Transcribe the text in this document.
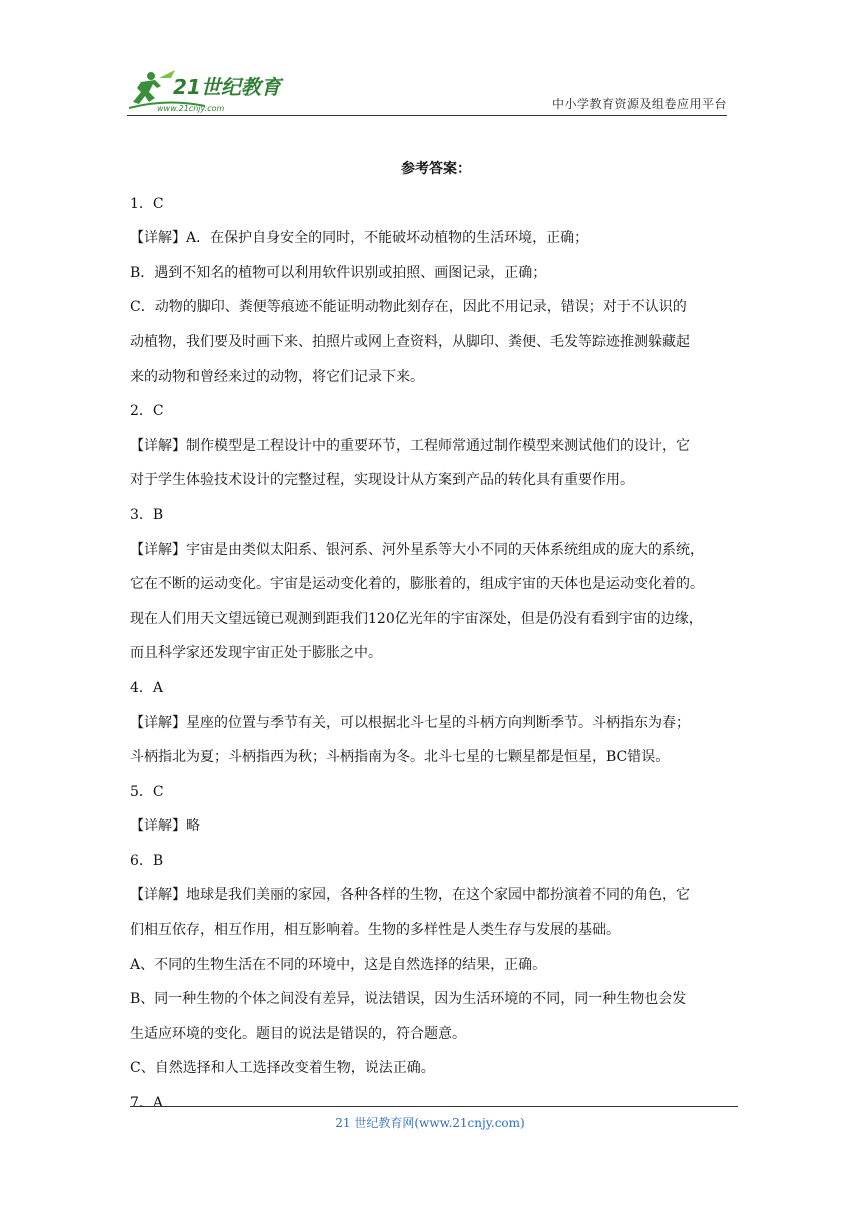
21世纪教育
www.21cnjy.com	中小学教育资源及组卷应用平台

参考答案：

1．C

【详解】A．在保护自身安全的同时，不能破坏动植物的生活环境，正确；

B．遇到不知名的植物可以利用软件识别或拍照、画图记录，正确；

C．动物的脚印、粪便等痕迹不能证明动物此刻存在，因此不用记录，错误；对于不认识的

动植物，我们要及时画下来、拍照片或网上查资料，从脚印、粪便、毛发等踪迹推测躲藏起

来的动物和曾经来过的动物，将它们记录下来。

2．C

【详解】制作模型是工程设计中的重要环节，工程师常通过制作模型来测试他们的设计，它

对于学生体验技术设计的完整过程，实现设计从方案到产品的转化具有重要作用。

3．B

【详解】宇宙是由类似太阳系、银河系、河外星系等大小不同的天体系统组成的庞大的系统，

它在不断的运动变化。宇宙是运动变化着的，膨胀着的，组成宇宙的天体也是运动变化着的。

现在人们用天文望远镜已观测到距我们120亿光年的宇宙深处，但是仍没有看到宇宙的边缘，

而且科学家还发现宇宙正处于膨胀之中。

4．A

【详解】星座的位置与季节有关，可以根据北斗七星的斗柄方向判断季节。斗柄指东为春；

斗柄指北为夏；斗柄指西为秋；斗柄指南为冬。北斗七星的七颗星都是恒星，BC错误。

5．C

【详解】略

6．B

【详解】地球是我们美丽的家园，各种各样的生物，在这个家园中都扮演着不同的角色，它

们相互依存，相互作用，相互影响着。生物的多样性是人类生存与发展的基础。

A、不同的生物生活在不同的环境中，这是自然选择的结果，正确。

B、同一种生物的个体之间没有差异，说法错误，因为生活环境的不同，同一种生物也会发

生适应环境的变化。题目的说法是错误的，符合题意。

C、自然选择和人工选择改变着生物，说法正确。

7．A

21 世纪教育网(www.21cnjy.com)
